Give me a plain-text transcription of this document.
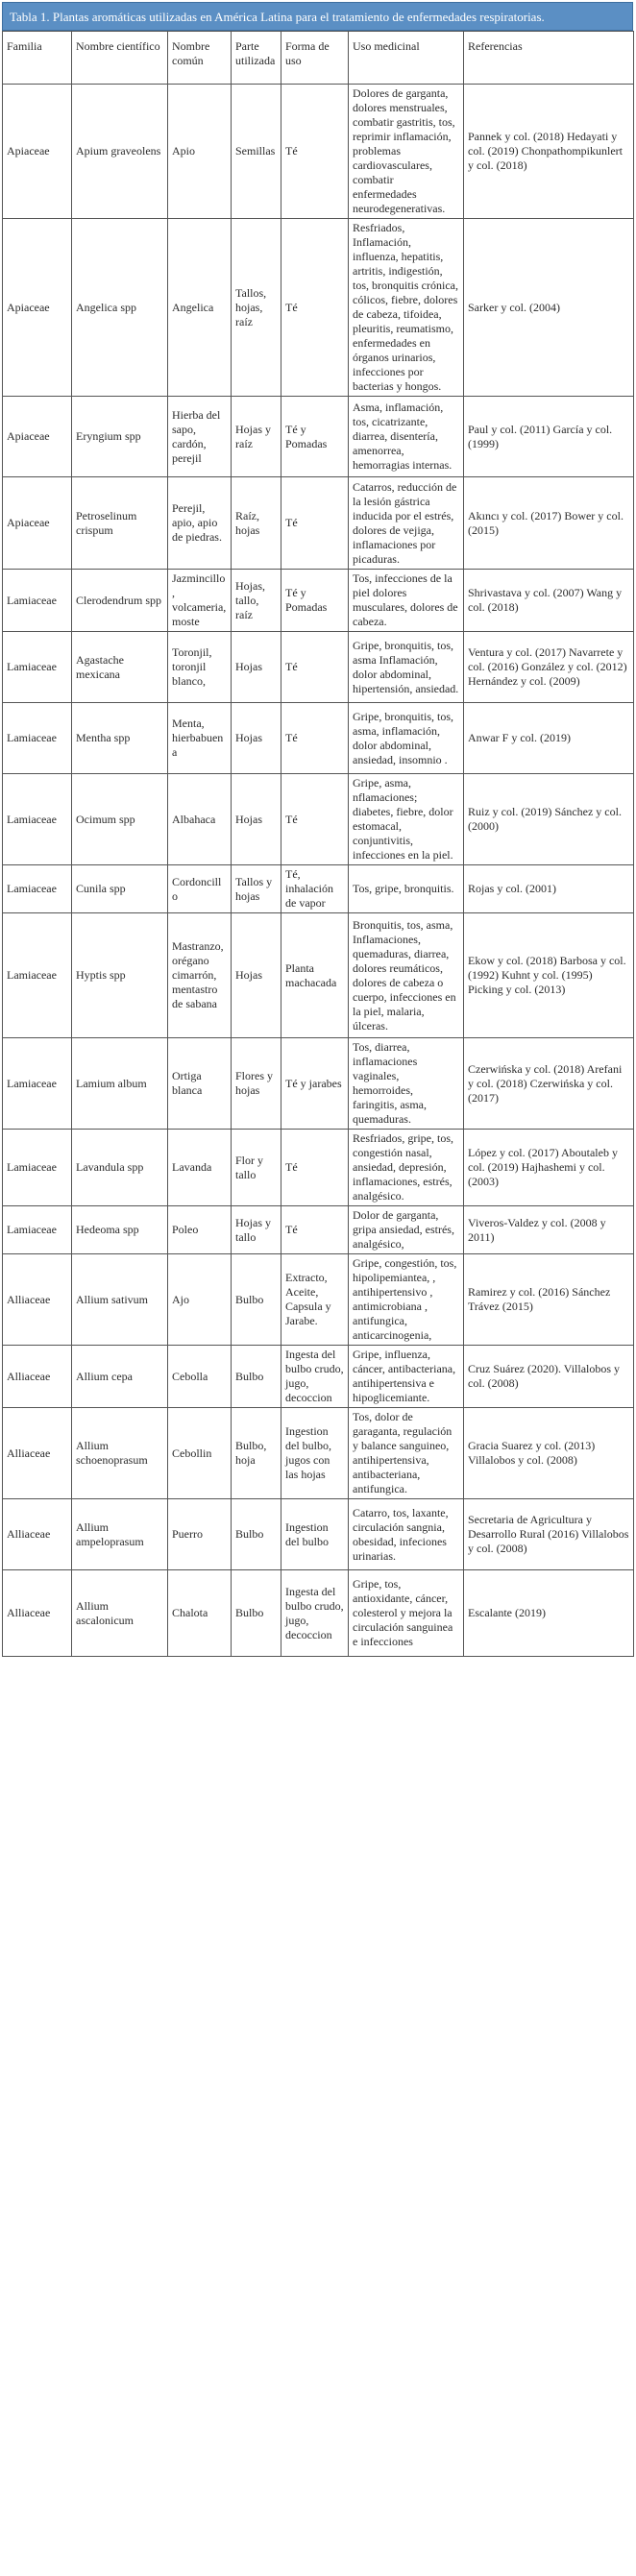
Tabla 1. Plantas aromáticas utilizadas en América Latina para el tratamiento de enfermedades respiratorias.
Familia	Nombre científico	Nombre común	Parte utilizada	Forma de uso	Uso medicinal	Referencias
Apiaceae	Apium graveolens	Apio	Semillas	Té	Dolores de garganta, dolores menstruales, combatir gastritis, tos, reprimir inflamación, problemas cardiovasculares, combatir enfermedades neurodegenerativas.	Pannek y col. (2018) Hedayati y col. (2019) Chonpathompikunlert y col. (2018)
Apiaceae	Angelica spp	Angelica	Tallos, hojas, raíz	Té	Resfriados, Inflamación, influenza, hepatitis, artritis, indigestión, tos, bronquitis crónica, cólicos, fiebre, dolores de cabeza, tifoidea, pleuritis, reumatismo, enfermedades en órganos urinarios, infecciones por bacterias y hongos.	Sarker y col. (2004)
Apiaceae	Eryngium spp	Hierba del sapo, cardón, perejil	Hojas y raíz	Té y Pomadas	Asma, inflamación, tos, cicatrizante, diarrea, disentería, amenorrea, hemorragias internas.	Paul y col. (2011) García y col. (1999)
Apiaceae	Petroselinum crispum	Perejil, apio, apio de piedras.	Raíz, hojas	Té	Catarros, reducción de la lesión gástrica inducida por el estrés, dolores de vejiga, inflamaciones por picaduras.	Akıncı y col. (2017) Bower y col. (2015)
Lamiaceae	Clerodendrum spp	Jazmincillo, volcameria, moste	Hojas, tallo, raíz	Té y Pomadas	Tos, infecciones de la piel dolores musculares, dolores de cabeza.	Shrivastava y col. (2007) Wang y col. (2018)
Lamiaceae	Agastache mexicana	Toronjil, toronjil blanco,	Hojas	Té	Gripe, bronquitis, tos, asma Inflamación, dolor abdominal, hipertensión, ansiedad.	Ventura y col. (2017) Navarrete y col. (2016) González y col. (2012) Hernández y col. (2009)
Lamiaceae	Mentha spp	Menta, hierbabuena	Hojas	Té	Gripe, bronquitis, tos, asma, inflamación, dolor abdominal, ansiedad, insomnio .	Anwar F y col. (2019)
Lamiaceae	Ocimum spp	Albahaca	Hojas	Té	Gripe, asma, nflamaciones; diabetes, fiebre, dolor estomacal, conjuntivitis, infecciones en la piel.	Ruiz y col. (2019) Sánchez y col. (2000)
Lamiaceae	Cunila spp	Cordoncillo	Tallos y hojas	Té, inhalación de vapor	Tos, gripe, bronquitis.	Rojas y col. (2001)
Lamiaceae	Hyptis spp	Mastranzo, orégano cimarrón, mentastro de sabana	Hojas	Planta machacada	Bronquitis, tos, asma, Inflamaciones, quemaduras, diarrea, dolores reumáticos, dolores de cabeza o cuerpo, infecciones en la piel, malaria, úlceras.	Ekow y col. (2018) Barbosa y col. (1992) Kuhnt y col. (1995) Picking y col. (2013)
Lamiaceae	Lamium album	Ortiga blanca	Flores y hojas	Té y jarabes	Tos, diarrea, inflamaciones vaginales, hemorroides, faringitis, asma, quemaduras.	Czerwińska y col. (2018) Arefani y col. (2018) Czerwińska y col. (2017)
Lamiaceae	Lavandula spp	Lavanda	Flor y tallo	Té	Resfriados, gripe, tos, congestión nasal, ansiedad, depresión, inflamaciones, estrés, analgésico.	López y col. (2017) Aboutaleb y col. (2019) Hajhashemi y col. (2003)
Lamiaceae	Hedeoma spp	Poleo	Hojas y tallo	Té	Dolor de garganta, gripa ansiedad, estrés, analgésico,	Viveros-Valdez y col. (2008 y 2011)
Alliaceae	Allium sativum	Ajo	Bulbo	Extracto, Aceite, Capsula y Jarabe.	Gripe, congestión, tos, hipolipemiantea, , antihipertensivo , antimicrobiana , antifungica, anticarcinogenia,	Ramirez y col. (2016) Sánchez Trávez (2015)
Alliaceae	Allium cepa	Cebolla	Bulbo	Ingesta del bulbo crudo, jugo, decoccion	Gripe, influenza, cáncer, antibacteriana, antihipertensiva e hipoglicemiante.	Cruz Suárez (2020). Villalobos y col. (2008)
Alliaceae	Allium schoenoprasum	Cebollin	Bulbo, hoja	Ingestion del bulbo, jugos con las hojas	Tos, dolor de garaganta, regulación y balance sanguineo, antihipertensiva, antibacteriana, antifungica.	Gracia Suarez y col. (2013) Villalobos y col. (2008)
Alliaceae	Allium ampeloprasum	Puerro	Bulbo	Ingestion del bulbo	Catarro, tos, laxante, circulación sangnia, obesidad, infeciones urinarias.	Secretaria de Agricultura y Desarrollo Rural (2016) Villalobos y col. (2008)
Alliaceae	Allium ascalonicum	Chalota	Bulbo	Ingesta del bulbo crudo, jugo, decoccion	Gripe, tos, antioxidante, cáncer, colesterol y mejora la circulación sanguinea e infecciones	Escalante (2019)
